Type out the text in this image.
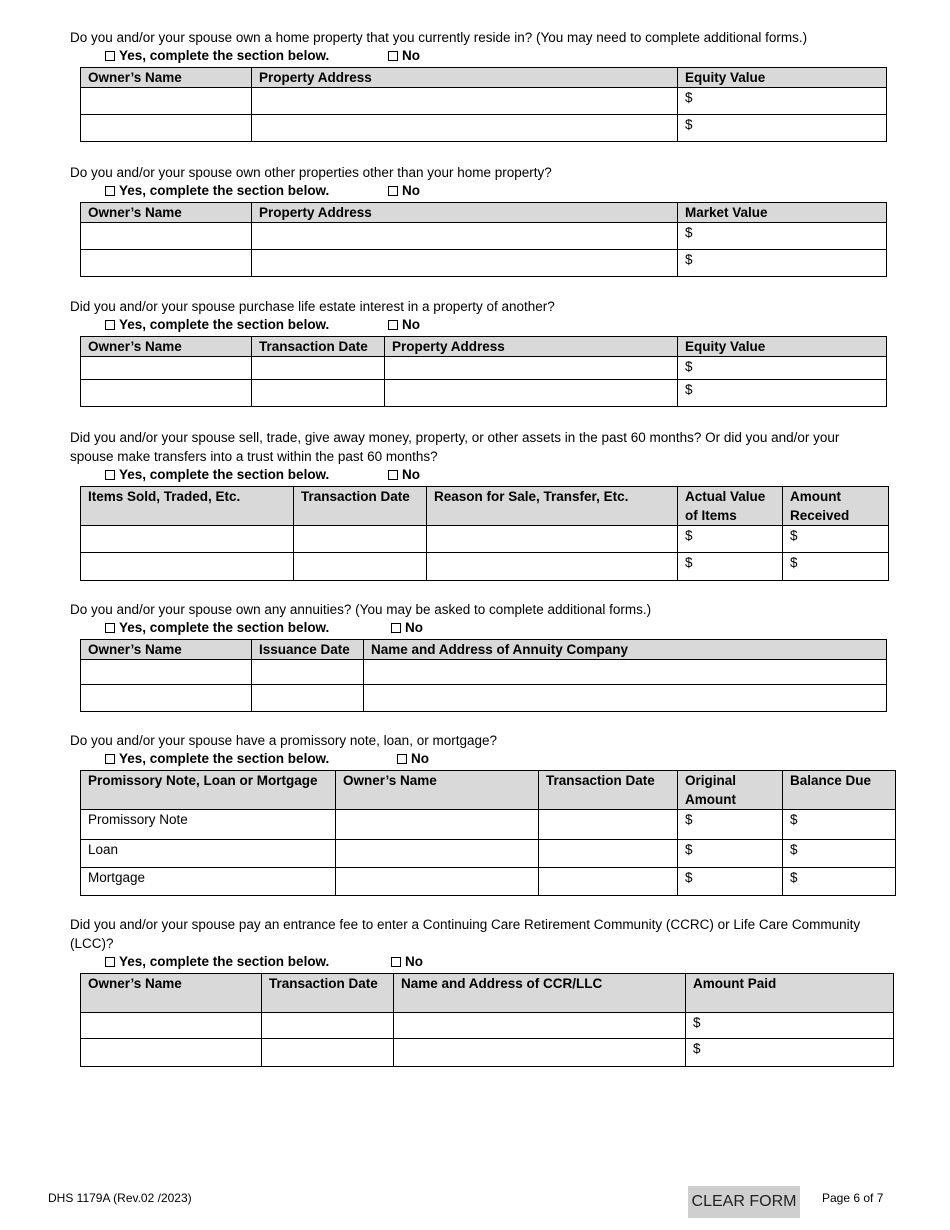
Do you and/or your spouse own a home property that you currently reside in? (You may need to complete additional forms.)

Yes, complete the section below.	No
Owner’s Name	Property Address	Equity Value
		$
		$

Do you and/or your spouse own other properties other than your home property?

Yes, complete the section below.	No
Owner’s Name	Property Address	Market Value
		$
		$

Did you and/or your spouse purchase life estate interest in a property of another?

Yes, complete the section below.	No
Owner’s Name	Transaction Date	Property Address	Equity Value
			$
			$

Did you and/or your spouse sell, trade, give away money, property, or other assets in the past 60 months? Or did you and/or your spouse make transfers into a trust within the past 60 months?

Yes, complete the section below.	No
Items Sold, Traded, Etc.	Transaction Date	Reason for Sale, Transfer, Etc.	Actual Value of Items	Amount Received
			$	$
			$	$

Do you and/or your spouse own any annuities? (You may be asked to complete additional forms.)

Yes, complete the section below.	No
Owner’s Name	Issuance Date	Name and Address of Annuity Company

Do you and/or your spouse have a promissory note, loan, or mortgage?

Yes, complete the section below.	No
Promissory Note, Loan or Mortgage	Owner’s Name	Transaction Date	Original Amount	Balance Due
Promissory Note			$	$
Loan			$	$
Mortgage			$	$

Did you and/or your spouse pay an entrance fee to enter a Continuing Care Retirement Community (CCRC) or Life Care Community (LCC)?

Yes, complete the section below.	No
Owner’s Name	Transaction Date	Name and Address of CCR/LLC	Amount Paid
			$
			$
DHS 1179A (Rev.02 /2023)	CLEAR FORM Page 6 of 7
